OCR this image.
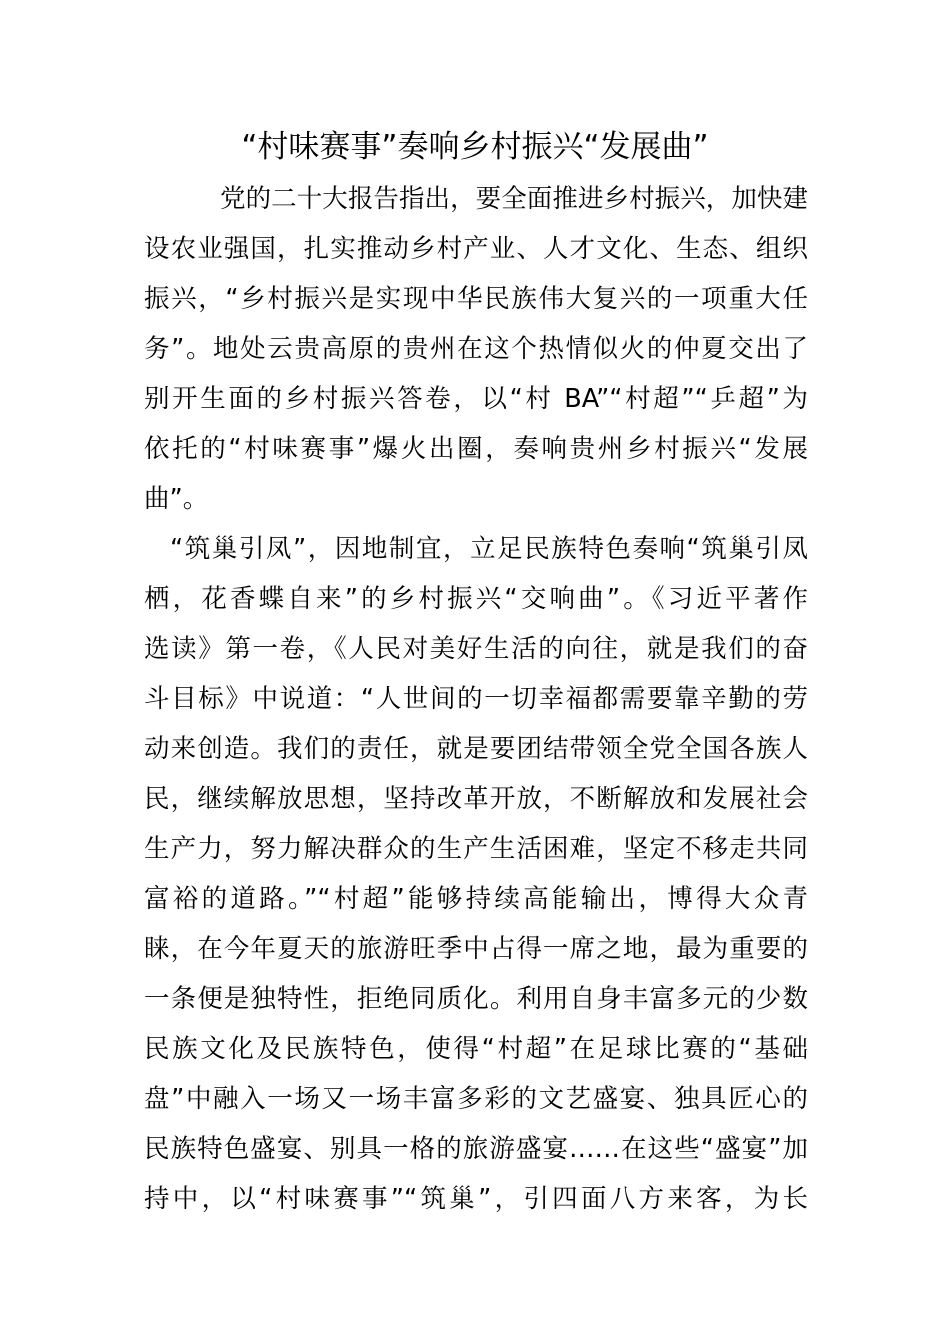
“村味赛事”奏响乡村振兴“发展曲”
党的二十大报告指出，要全面推进乡村振兴，加快建
设农业强国，扎实推动乡村产业、人才文化、生态、组织
振兴，“乡村振兴是实现中华民族伟大复兴的一项重大任
务”。地处云贵高原的贵州在这个热情似火的仲夏交出了
别开生面的乡村振兴答卷，以“村 BA”“村超”“乒超”为
依托的“村味赛事”爆火出圈，奏响贵州乡村振兴“发展
曲”。
“筑巢引凤”，因地制宜，立足民族特色奏响“筑巢引凤
栖，花香蝶自来”的乡村振兴“交响曲”。《习近平著作
选读》第一卷，《人民对美好生活的向往，就是我们的奋
斗目标》中说道：“人世间的一切幸福都需要靠辛勤的劳
动来创造。我们的责任，就是要团结带领全党全国各族人
民，继续解放思想，坚持改革开放，不断解放和发展社会
生产力，努力解决群众的生产生活困难，坚定不移走共同
富裕的道路。”“村超”能够持续高能输出，博得大众青
睐，在今年夏天的旅游旺季中占得一席之地，最为重要的
一条便是独特性，拒绝同质化。利用自身丰富多元的少数
民族文化及民族特色，使得“村超”在足球比赛的“基础
盘”中融入一场又一场丰富多彩的文艺盛宴、独具匠心的
民族特色盛宴、别具一格的旅游盛宴……在这些“盛宴”加
持中，以“村味赛事”“筑巢”，引四面八方来客，为长
